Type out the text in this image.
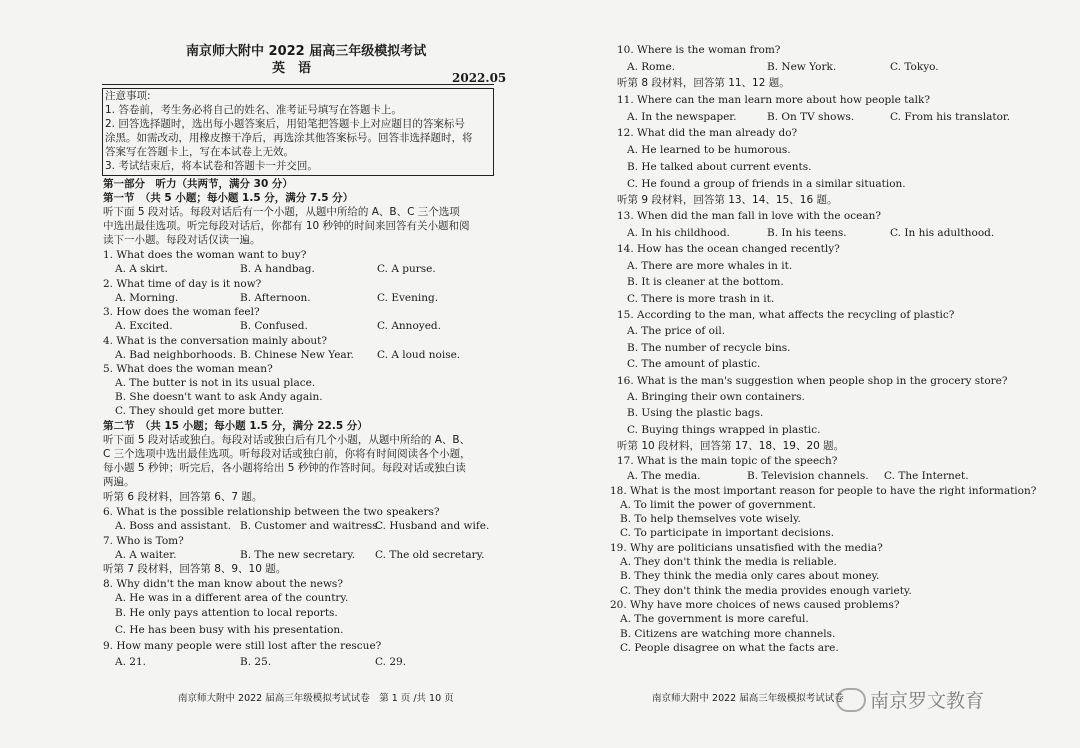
南京师大附中 2022 届高三年级模拟考试
英　语
2022.05
注意事项:
1. 答卷前，考生务必将自己的姓名、准考证号填写在答题卡上。
2. 回答选择题时，选出每小题答案后，用铅笔把答题卡上对应题目的答案标号
涂黑。如需改动，用橡皮擦干净后，再选涂其他答案标号。回答非选择题时，将
答案写在答题卡上，写在本试卷上无效。
3. 考试结束后，将本试卷和答题卡一并交回。
第一部分　听力（共两节，满分 30 分）
第一节　（共 5 小题；每小题 1.5 分，满分 7.5 分）
听下面 5 段对话。每段对话后有一个小题，从题中所给的 A、B、C 三个选项
中选出最佳选项。听完每段对话后，你都有 10 秒钟的时间来回答有关小题和阅
读下一小题。每段对话仅读一遍。
1. What does the woman want to buy?
A. A skirt.	B. A handbag.	C. A purse.
2. What time of day is it now?
A. Morning.	B. Afternoon.	C. Evening.
3. How does the woman feel?
A. Excited.	B. Confused.	C. Annoyed.
4. What is the conversation mainly about?
A. Bad neighborhoods. B. Chinese New Year. C. A loud noise.
5. What does the woman mean?
A. The butter is not in its usual place.
B. She doesn't want to ask Andy again.
C. They should get more butter.
第二节　（共 15 小题；每小题 1.5 分，满分 22.5 分）
听下面 5 段对话或独白。每段对话或独白后有几个小题，从题中所给的 A、B、
C 三个选项中选出最佳选项。听每段对话或独白前，你将有时间阅读各个小题，
每小题 5 秒钟；听完后，各小题将给出 5 秒钟的作答时间。每段对话或独白读
两遍。
听第 6 段材料，回答第 6、7 题。
6. What is the possible relationship between the two speakers?
A. Boss and assistant. B. Customer and waitress.
C. Husband and wife.
7. Who is Tom?
A. A waiter.	B. The new secretary. C. The old secretary.
听第 7 段材料，回答第 8、9、10 题。
8. Why didn't the man know about the news?
A. He was in a different area of the country.
B. He only pays attention to local reports.
C. He has been busy with his presentation.
9. How many people were still lost after the rescue?
A. 21.	B. 25.	C. 29.
南京师大附中 2022 届高三年级模拟考试试卷　第 1 页 /共 10 页
10. Where is the woman from?
A. Rome.	B. New York.	C. Tokyo.
听第 8 段材料，回答第 11、12 题。
11. Where can the man learn more about how people talk?
A. In the newspaper.	B. On TV shows.	C. From his translator.
12. What did the man already do?
A. He learned to be humorous.
B. He talked about current events.
C. He found a group of friends in a similar situation.
听第 9 段材料，回答第 13、14、15、16 题。
13. When did the man fall in love with the ocean?
A. In his childhood.	B. In his teens.	C. In his adulthood.
14. How has the ocean changed recently?
A. There are more whales in it.
B. It is cleaner at the bottom.
C. There is more trash in it.
15. According to the man, what affects the recycling of plastic?
A. The price of oil.
B. The number of recycle bins.
C. The amount of plastic.
16. What is the man's suggestion when people shop in the grocery store?
A. Bringing their own containers.
B. Using the plastic bags.
C. Buying things wrapped in plastic.
听第 10 段材料，回答第 17、18、19、20 题。
17. What is the main topic of the speech?
A. The media.	B. Television channels. C. The Internet.
18. What is the most important reason for people to have the right information?
A. To limit the power of government.
B. To help themselves vote wisely.
C. To participate in important decisions.
19. Why are politicians unsatisfied with the media?
A. They don't think the media is reliable.
B. They think the media only cares about money.
C. They don't think the media provides enough variety.
20. Why have more choices of news caused problems?
A. The government is more careful.
B. Citizens are watching more channels.
C. People disagree on what the facts are.
南京师大附中 2022 届高三年级模拟考试试卷 南京罗文教育
